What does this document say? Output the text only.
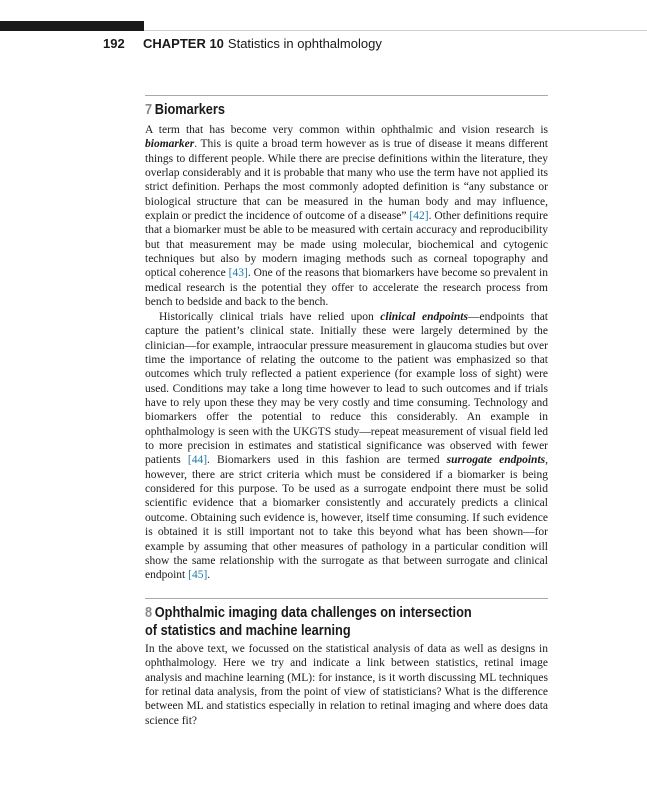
192 CHAPTER 10 Statistics in ophthalmology
7 Biomarkers

A term that has become very common within ophthalmic and vision research is biomarker. This is quite a broad term however as is true of disease it means different things to different people. While there are precise definitions within the literature, they overlap considerably and it is probable that many who use the term have not applied its strict definition. Perhaps the most commonly adopted definition is “any substance or biological structure that can be measured in the human body and may influence, explain or predict the incidence of outcome of a disease” [42]. Other definitions require that a biomarker must be able to be measured with certain accuracy and reproducibility but that measurement may be made using molecular, biochemical and cytogenic techniques but also by modern imaging methods such as corneal topography and optical coherence [43]. One of the reasons that biomarkers have become so prevalent in medical research is the potential they offer to accelerate the research process from bench to bedside and back to the bench.

Historically clinical trials have relied upon clinical endpoints—endpoints that capture the patient’s clinical state. Initially these were largely determined by the clinician—for example, intraocular pressure measurement in glaucoma studies but over time the importance of relating the outcome to the patient was emphasized so that outcomes which truly reflected a patient experience (for example loss of sight) were used. Conditions may take a long time however to lead to such outcomes and if trials have to rely upon these they may be very costly and time consuming. Technology and biomarkers offer the potential to reduce this considerably. An example in ophthalmology is seen with the UKGTS study—repeat measurement of visual field led to more precision in estimates and statistical significance was observed with fewer patients [44]. Biomarkers used in this fashion are termed surrogate endpoints, however, there are strict criteria which must be considered if a biomarker is being considered for this purpose. To be used as a surrogate endpoint there must be solid scientific evidence that a biomarker consistently and accurately predicts a clinical outcome. Obtaining such evidence is, however, itself time consuming. If such evidence is obtained it is still important not to take this beyond what has been shown—for example by assuming that other measures of pathology in a particular condition will show the same relationship with the surrogate as that between surrogate and clinical endpoint [45].

8 Ophthalmic imaging data challenges on intersection
of statistics and machine learning

In the above text, we focussed on the statistical analysis of data as well as designs in ophthalmology. Here we try and indicate a link between statistics, retinal image analysis and machine learning (ML): for instance, is it worth discussing ML techniques for retinal data analysis, from the point of view of statisticians? What is the difference between ML and statistics especially in relation to retinal imaging and where does data science fit?
